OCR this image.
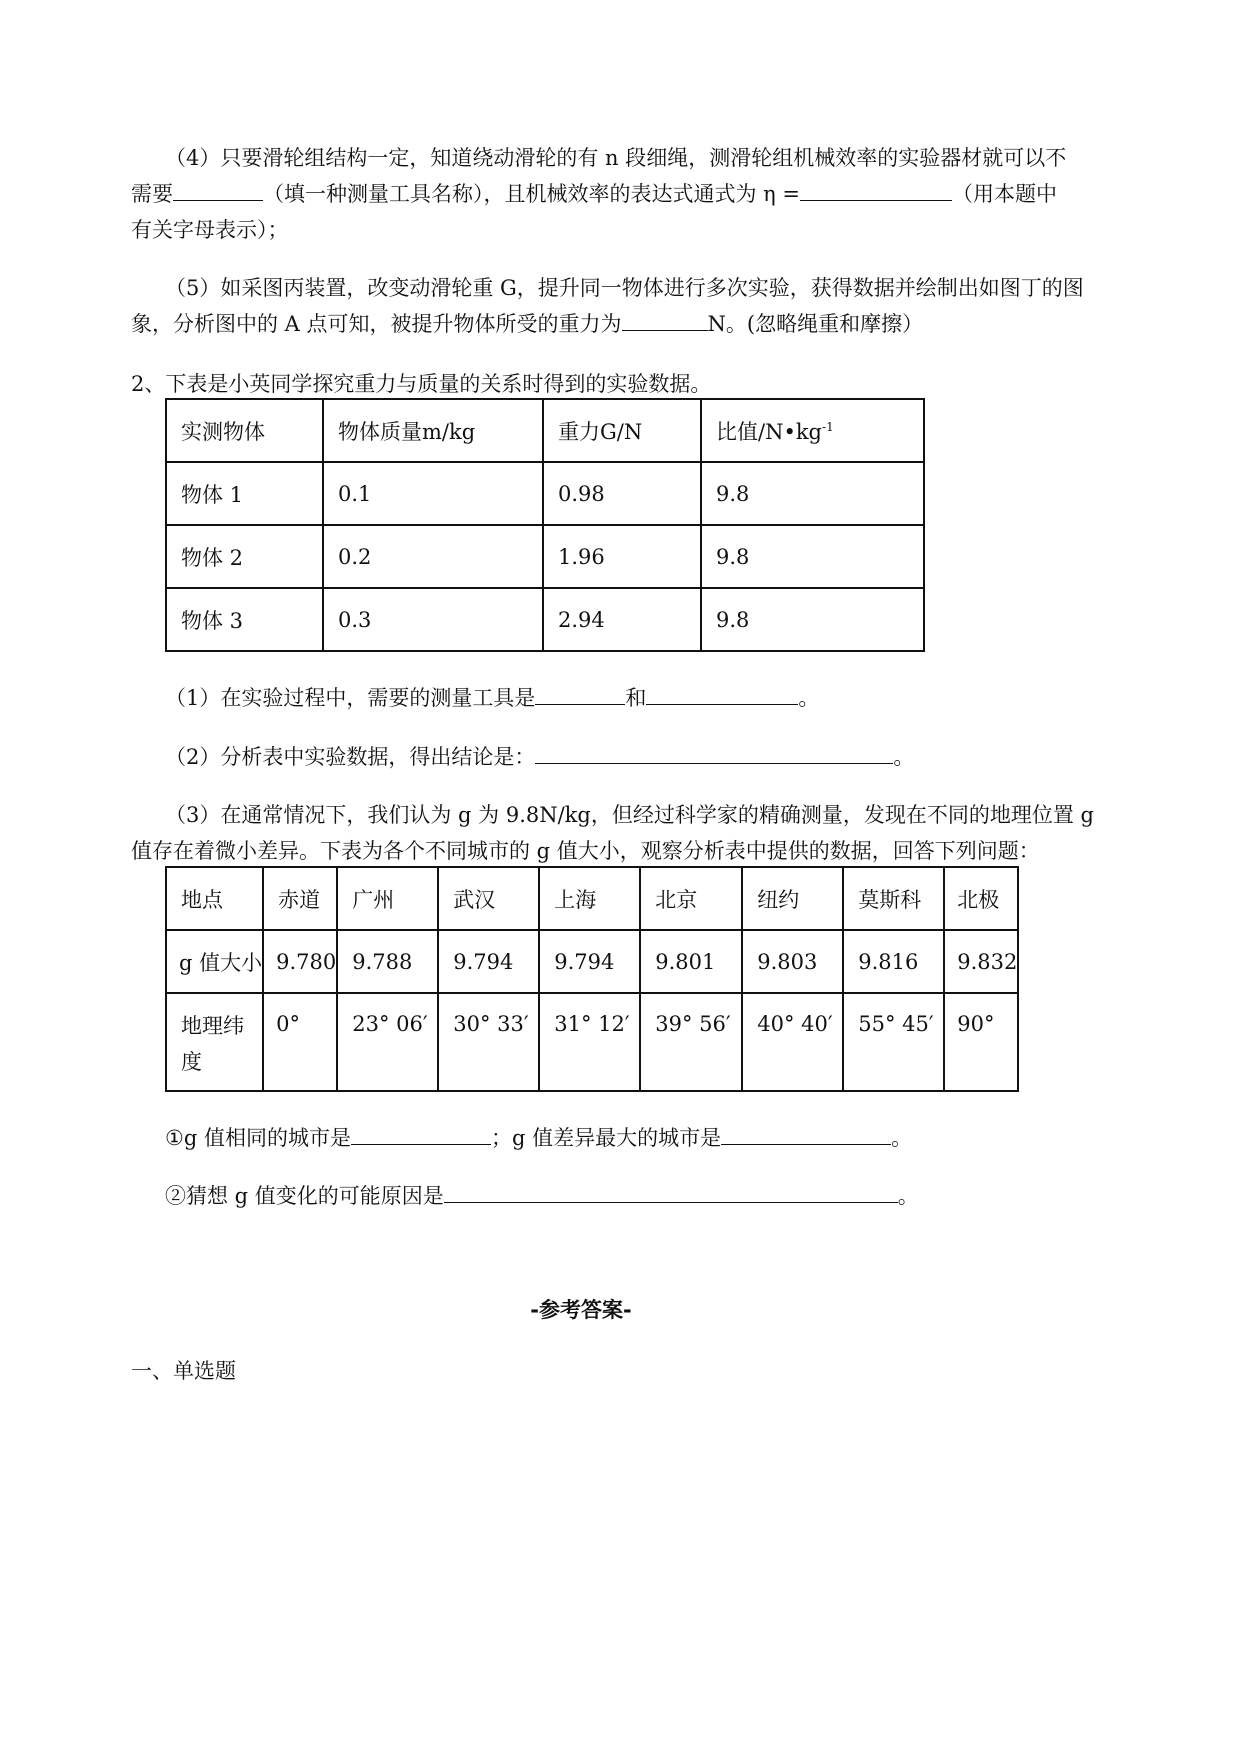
（4）只要滑轮组结构一定，知道绕动滑轮的有 n 段细绳，测滑轮组机械效率的实验器材就可以不
需要	（填一种测量工具名称），且机械效率的表达式通式为 η =	（用本题中
有关字母表示）；
（5）如采图丙装置，改变动滑轮重 G，提升同一物体进行多次实验，获得数据并绘制出如图丁的图
象，分析图中的 A 点可知，被提升物体所受的重力为	N。(忽略绳重和摩擦）
2、下表是小英同学探究重力与质量的关系时得到的实验数据。
实测物体	物体质量m/kg	重力G/N	比值$/N•kg^{-1}$
物体 1	0.1	0.98	9.8
物体 2	0.2	1.96	9.8
物体 3	0.3	2.94	9.8
（1）在实验过程中，需要的测量工具是	和	。
（2）分析表中实验数据，得出结论是：	。
（3）在通常情况下，我们认为 g 为 9.8N/kg，但经过科学家的精确测量，发现在不同的地理位置 g
值存在着微小差异。下表为各个不同城市的 g 值大小，观察分析表中提供的数据，回答下列问题：
地点	赤道	广州	武汉	上海	北京	纽约	莫斯科	北极
g 值大小	9.780	9.788	9.794	9.794	9.801	9.803	9.816	9.832

地理纬
度	0°	23° 06′	30° 33′	31° 12′	39° 56′	40° 40′	55° 45′	90°
①g 值相同的城市是	；g 值差异最大的城市是	。
②猜想 g 值变化的可能原因是	。
-参考答案-
一、单选题
